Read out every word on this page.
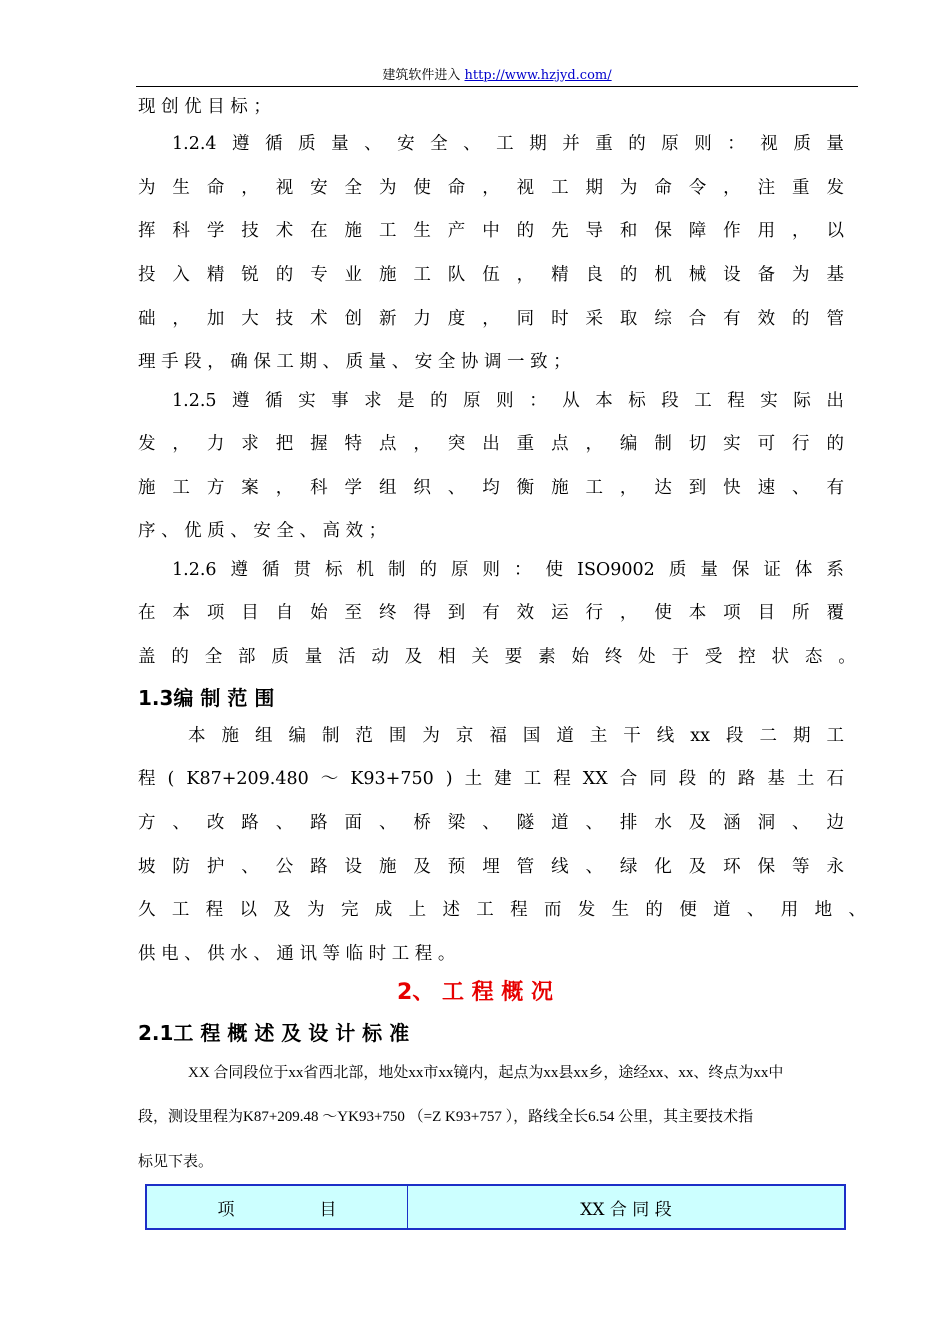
建筑软件进入 http://www.hzjyd.com/
现 创 优 目 标 ；
1.2.4 遵 循 质 量 、 安 全 、 工 期 并 重 的 原 则 ： 视 质 量
为 生 命 ， 视 安 全 为 使 命 ， 视 工 期 为 命 令 ， 注 重 发
挥 科 学 技 术 在 施 工 生 产 中 的 先 导 和 保 障 作 用 ， 以
投 入 精 锐 的 专 业 施 工 队 伍 ， 精 良 的 机 械 设 备 为 基
础 ， 加 大 技 术 创 新 力 度 ， 同 时 采 取 综 合 有 效 的 管
理 手 段 ， 确 保 工 期 、 质 量 、 安 全 协 调 一 致 ；
1.2.5 遵 循 实 事 求 是 的 原 则 ： 从 本 标 段 工 程 实 际 出
发 ， 力 求 把 握 特 点 ， 突 出 重 点 ， 编 制 切 实 可 行 的
施 工 方 案 ， 科 学 组 织 、 均 衡 施 工 ， 达 到 快 速 、 有
序 、 优 质 、 安 全 、 高 效 ；
1.2.6 遵 循 贯 标 机 制 的 原 则 ： 使 ISO9002 质 量 保 证 体 系
在 本 项 目 自 始 至 终 得 到 有 效 运 行 ， 使 本 项 目 所 覆
盖 的 全 部 质 量 活 动 及 相 关 要 素 始 终 处 于 受 控 状 态 。
1.3编 制 范 围
本 施 组 编 制 范 围 为 京 福 国 道 主 干 线 xx 段 二 期 工
程 ( K87+209.480 ～ K93+750 ) 土 建 工 程 XX 合 同 段 的 路 基 土 石
方 、 改 路 、 路 面 、 桥 梁 、 隧 道 、 排 水 及 涵 洞 、 边
坡 防 护 、 公 路 设 施 及 预 埋 管 线 、 绿 化 及 环 保 等 永
久 工 程 以 及 为 完 成 上 述 工 程 而 发 生 的 便 道 、 用 地 、
供 电 、 供 水 、 通 讯 等 临 时 工 程 。
2、 工 程 概 况
2.1工 程 概 述 及 设 计 标 准
XX 合同段位于xx省西北部，地处xx市xx镜内，起点为xx县xx乡，途经xx、xx、终点为xx中
段，测设里程为K87+209.48 ～YK93+750 （=Z K93+757 ），路线全长6.54 公里，其主要技术指
标见下表。
项　　　　　目	XX 合 同 段
